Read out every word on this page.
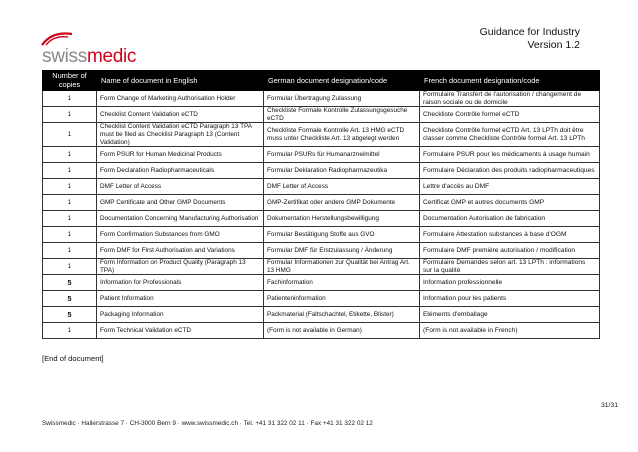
swissmedic
Guidance for Industry
Version 1.2
Number of copies	Name of document in English	German document designation/code	French document designation/code
1	Form Change of Marketing Authorisation Holder	Formular Übertragung Zulassung	Formulaire Transfert de l'autorisation / changement de raison sociale ou de domicile
1	Checklist Content Validation eCTD	Checkliste Formale Kontrolle Zulassungsgesuche eCTD	Checkliste Contrôle formel eCTD
1	Checklist Content Validation eCTD Paragraph 13 TPA must be filed as Checklist Paragraph 13 (Content Validation)	Checkliste Formale Kontrolle Art. 13 HMG eCTD muss unter Checkliste Art. 13 abgelegt werden	Checkliste Contrôle formel eCTD Art. 13 LPTh doit être classer comme Checkliste Contrôle formel Art. 13 LPTh
1	Form PSUR for Human Medicinal Products	Formular PSURs für Humanarzneimittel	Formulaire PSUR pour les médicaments à usage humain
1	Form Declaration Radiopharmaceuticals	Formular Deklaration Radiopharmazeutika	Formulaire Déclaration des produits radiopharmaceutiques
1	DMF Letter of Access	DMF Letter of Access	Lettre d'accès au DMF
1	GMP Certificate and Other GMP Documents	GMP-Zertifikat oder andere GMP Dokumente	Certificat GMP et autres documents GMP
1	Documentation Concerning Manufacturing Authorisation	Dokumentation Herstellungsbewilligung	Documentation Autorisation de fabrication
1	Form Confirmation Substances from GMO	Formular Bestätigung Stoffe aus GVO	Formulaire Attestation substances à base d'OGM
1	Form DMF for First Authorisation and Variations	Formular DMF für Erstzulassung / Änderung	Formulaire DMF première autorisation / modification
1	Form Information on Product Quality (Paragraph 13 TPA)	Formular Informationen zur Qualität bei Antrag Art. 13 HMG	Formulaire Demandes selon art. 13 LPTh : informations sur la qualité
5	Information for Professionals	Fachinformation	Information professionnelle
5	Patient Information	Patienteninformation	Information pour les patients
5	Packaging Information	Packmaterial (Faltschachtel, Etikette, Blister)	Eléments d'emballage
1	Form Technical Validation eCTD	(Form is not available in German)	(Form is not available in French)
[End of document]
31/31
Swissmedic · Hallerstrasse 7 · CH-3000 Bern 9 · www.swissmedic.ch · Tel. +41 31 322 02 11 · Fax +41 31 322 02 12
